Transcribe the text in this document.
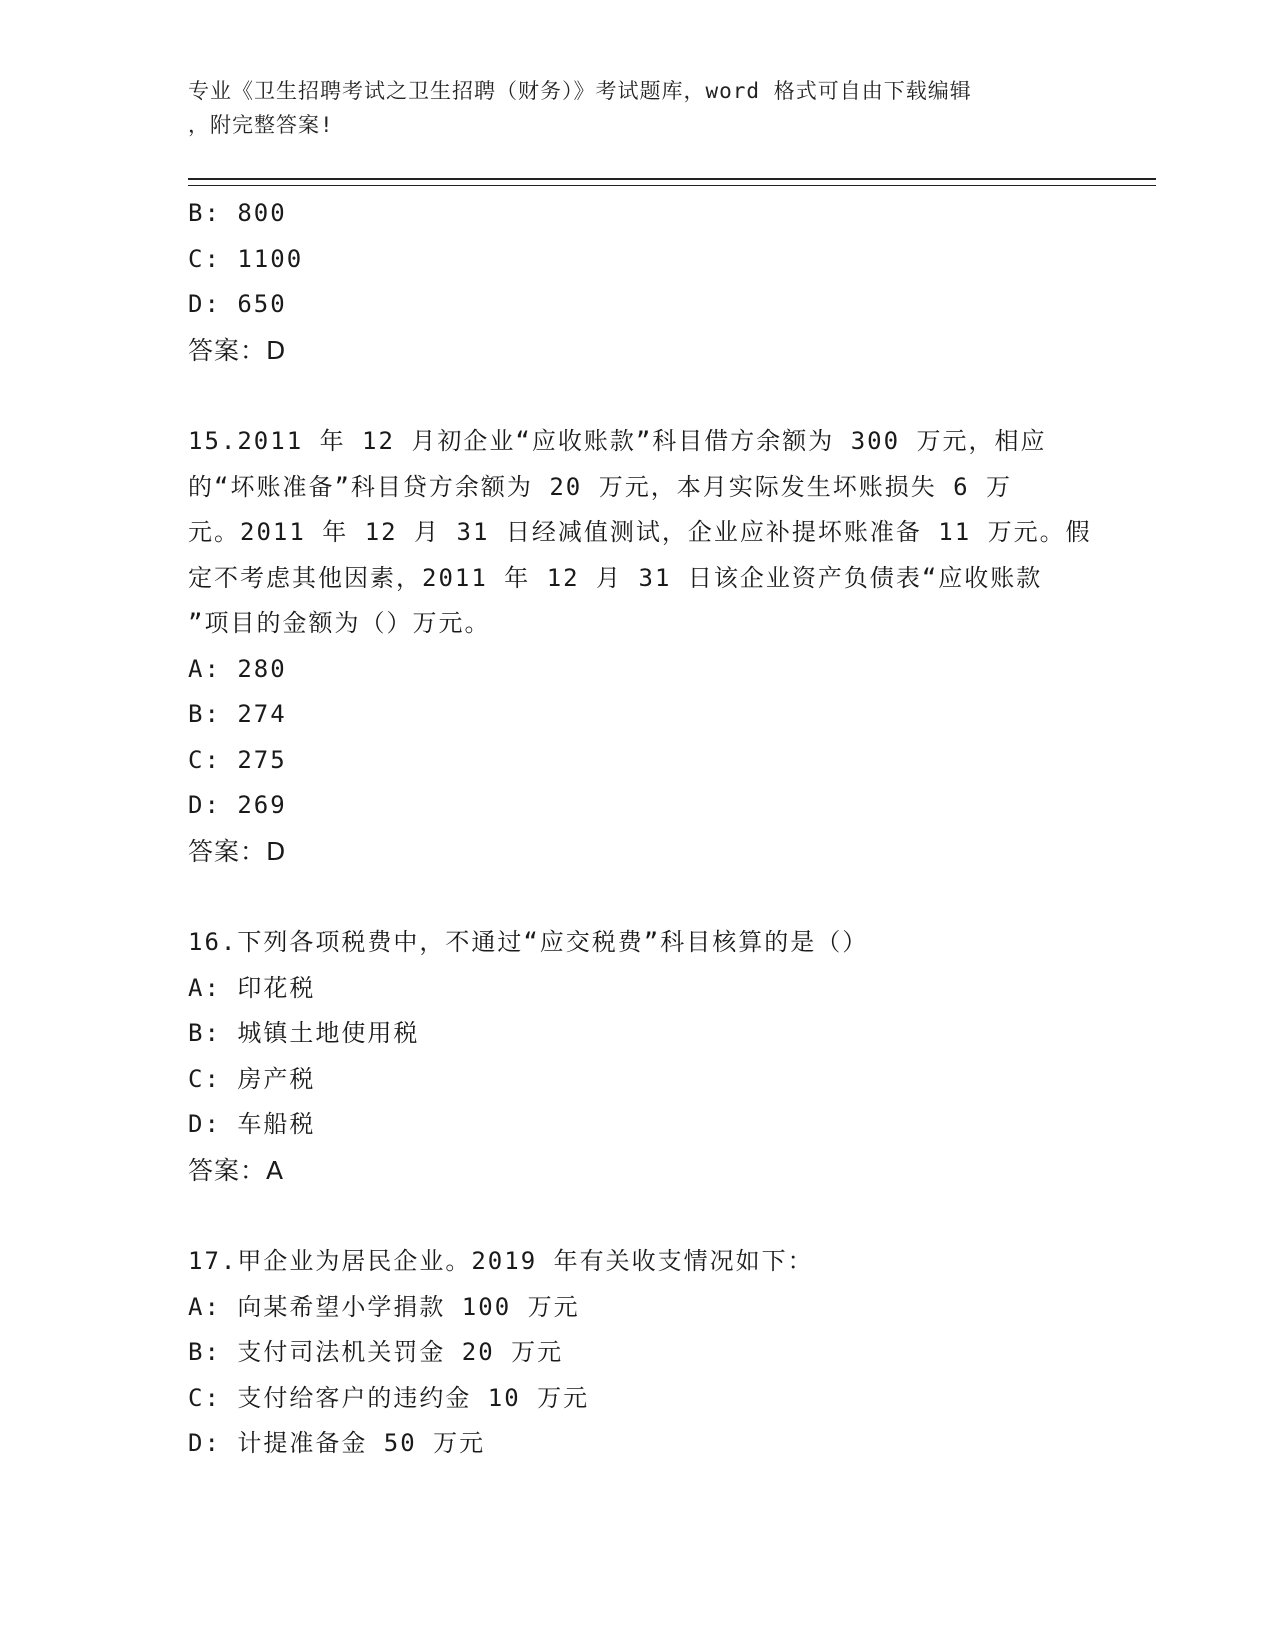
专业《卫生招聘考试之卫生招聘（财务）》考试题库，word 格式可自由下载编辑
，附完整答案!
B: 800
C: 1100
D: 650
答案：D
15.2011 年 12 月初企业“应收账款”科目借方余额为 300 万元，相应
的“坏账准备”科目贷方余额为 20 万元，本月实际发生坏账损失 6 万
元。2011 年 12 月 31 日经减值测试，企业应补提坏账准备 11 万元。假
定不考虑其他因素，2011 年 12 月 31 日该企业资产负债表“应收账款
”项目的金额为（）万元。
A: 280
B: 274
C: 275
D: 269
答案：D
16.下列各项税费中，不通过“应交税费”科目核算的是（）
A: 印花税
B: 城镇土地使用税
C: 房产税
D: 车船税
答案：A
17.甲企业为居民企业。2019 年有关收支情况如下：
A: 向某希望小学捐款 100 万元
B: 支付司法机关罚金 20 万元
C: 支付给客户的违约金 10 万元
D: 计提准备金 50 万元
